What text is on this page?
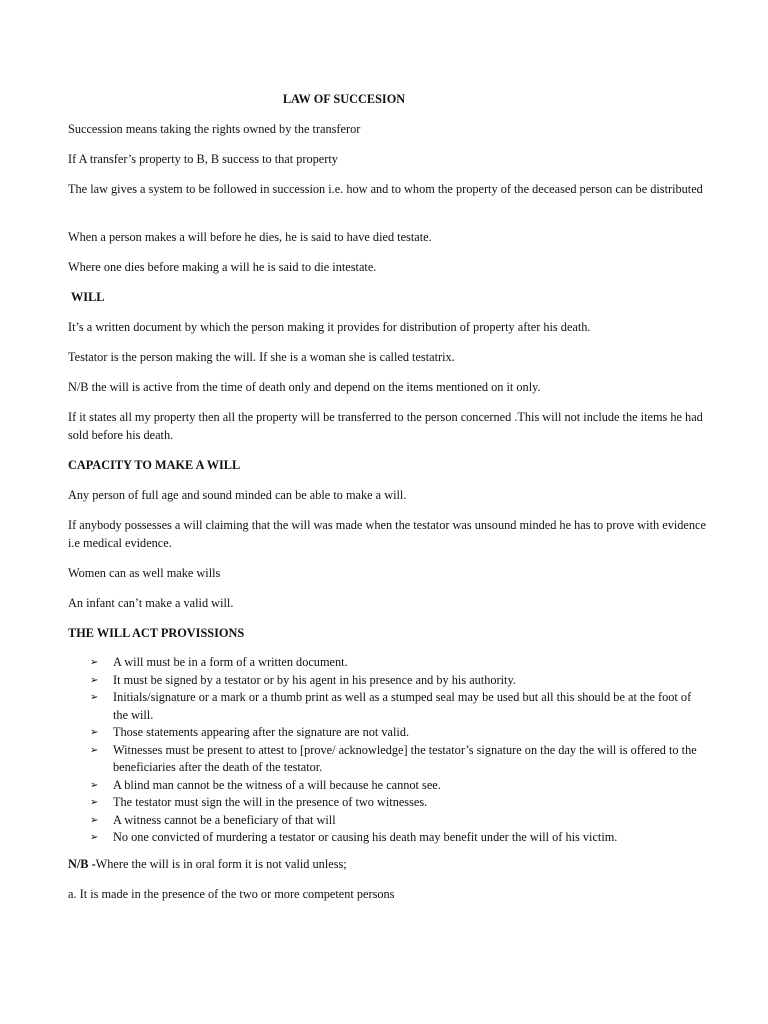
LAW OF SUCCESION

Succession means taking the rights owned by the transferor

If A transfer’s property to B, B success to that property

The law gives a system to be followed in succession i.e. how and to whom the property of the deceased person can be distributed

When a person makes a will before he dies, he is said to have died testate.

Where one dies before making a will he is said to die intestate.

WILL

It’s a written document by which the person making it provides for distribution of property after his death.

Testator is the person making the will. If she is a woman she is called testatrix.

N/B the will is active from the time of death only and depend on the items mentioned on it only.

If it states all my property then all the property will be transferred to the person concerned .This will not include the items he had sold before his death.

CAPACITY TO MAKE A WILL

Any person of full age and sound minded can be able to make a will.

If anybody possesses a will claiming that the will was made when the testator was unsound minded he has to prove with evidence i.e medical evidence.

Women can as well make wills

An infant can’t make a valid will.

THE WILL ACT PROVISSIONS

➢ A will must be in a form of a written document.
➢ It must be signed by a testator or by his agent in his presence and by his authority.
➢ Initials/signature or a mark or a thumb print as well as a stumped seal may be used but all this should be at the foot of the will.
➢ Those statements appearing after the signature are not valid.
➢ Witnesses must be present to attest to [prove/ acknowledge] the testator’s signature on the day the will is offered to the beneficiaries after the death of the testator.
➢ A blind man cannot be the witness of a will because he cannot see.
➢ The testator must sign the will in the presence of two witnesses.
➢ A witness cannot be a beneficiary of that will
➢ No one convicted of murdering a testator or causing his death may benefit under the will of his victim.

N/B -Where the will is in oral form it is not valid unless;

a. It is made in the presence of the two or more competent persons
